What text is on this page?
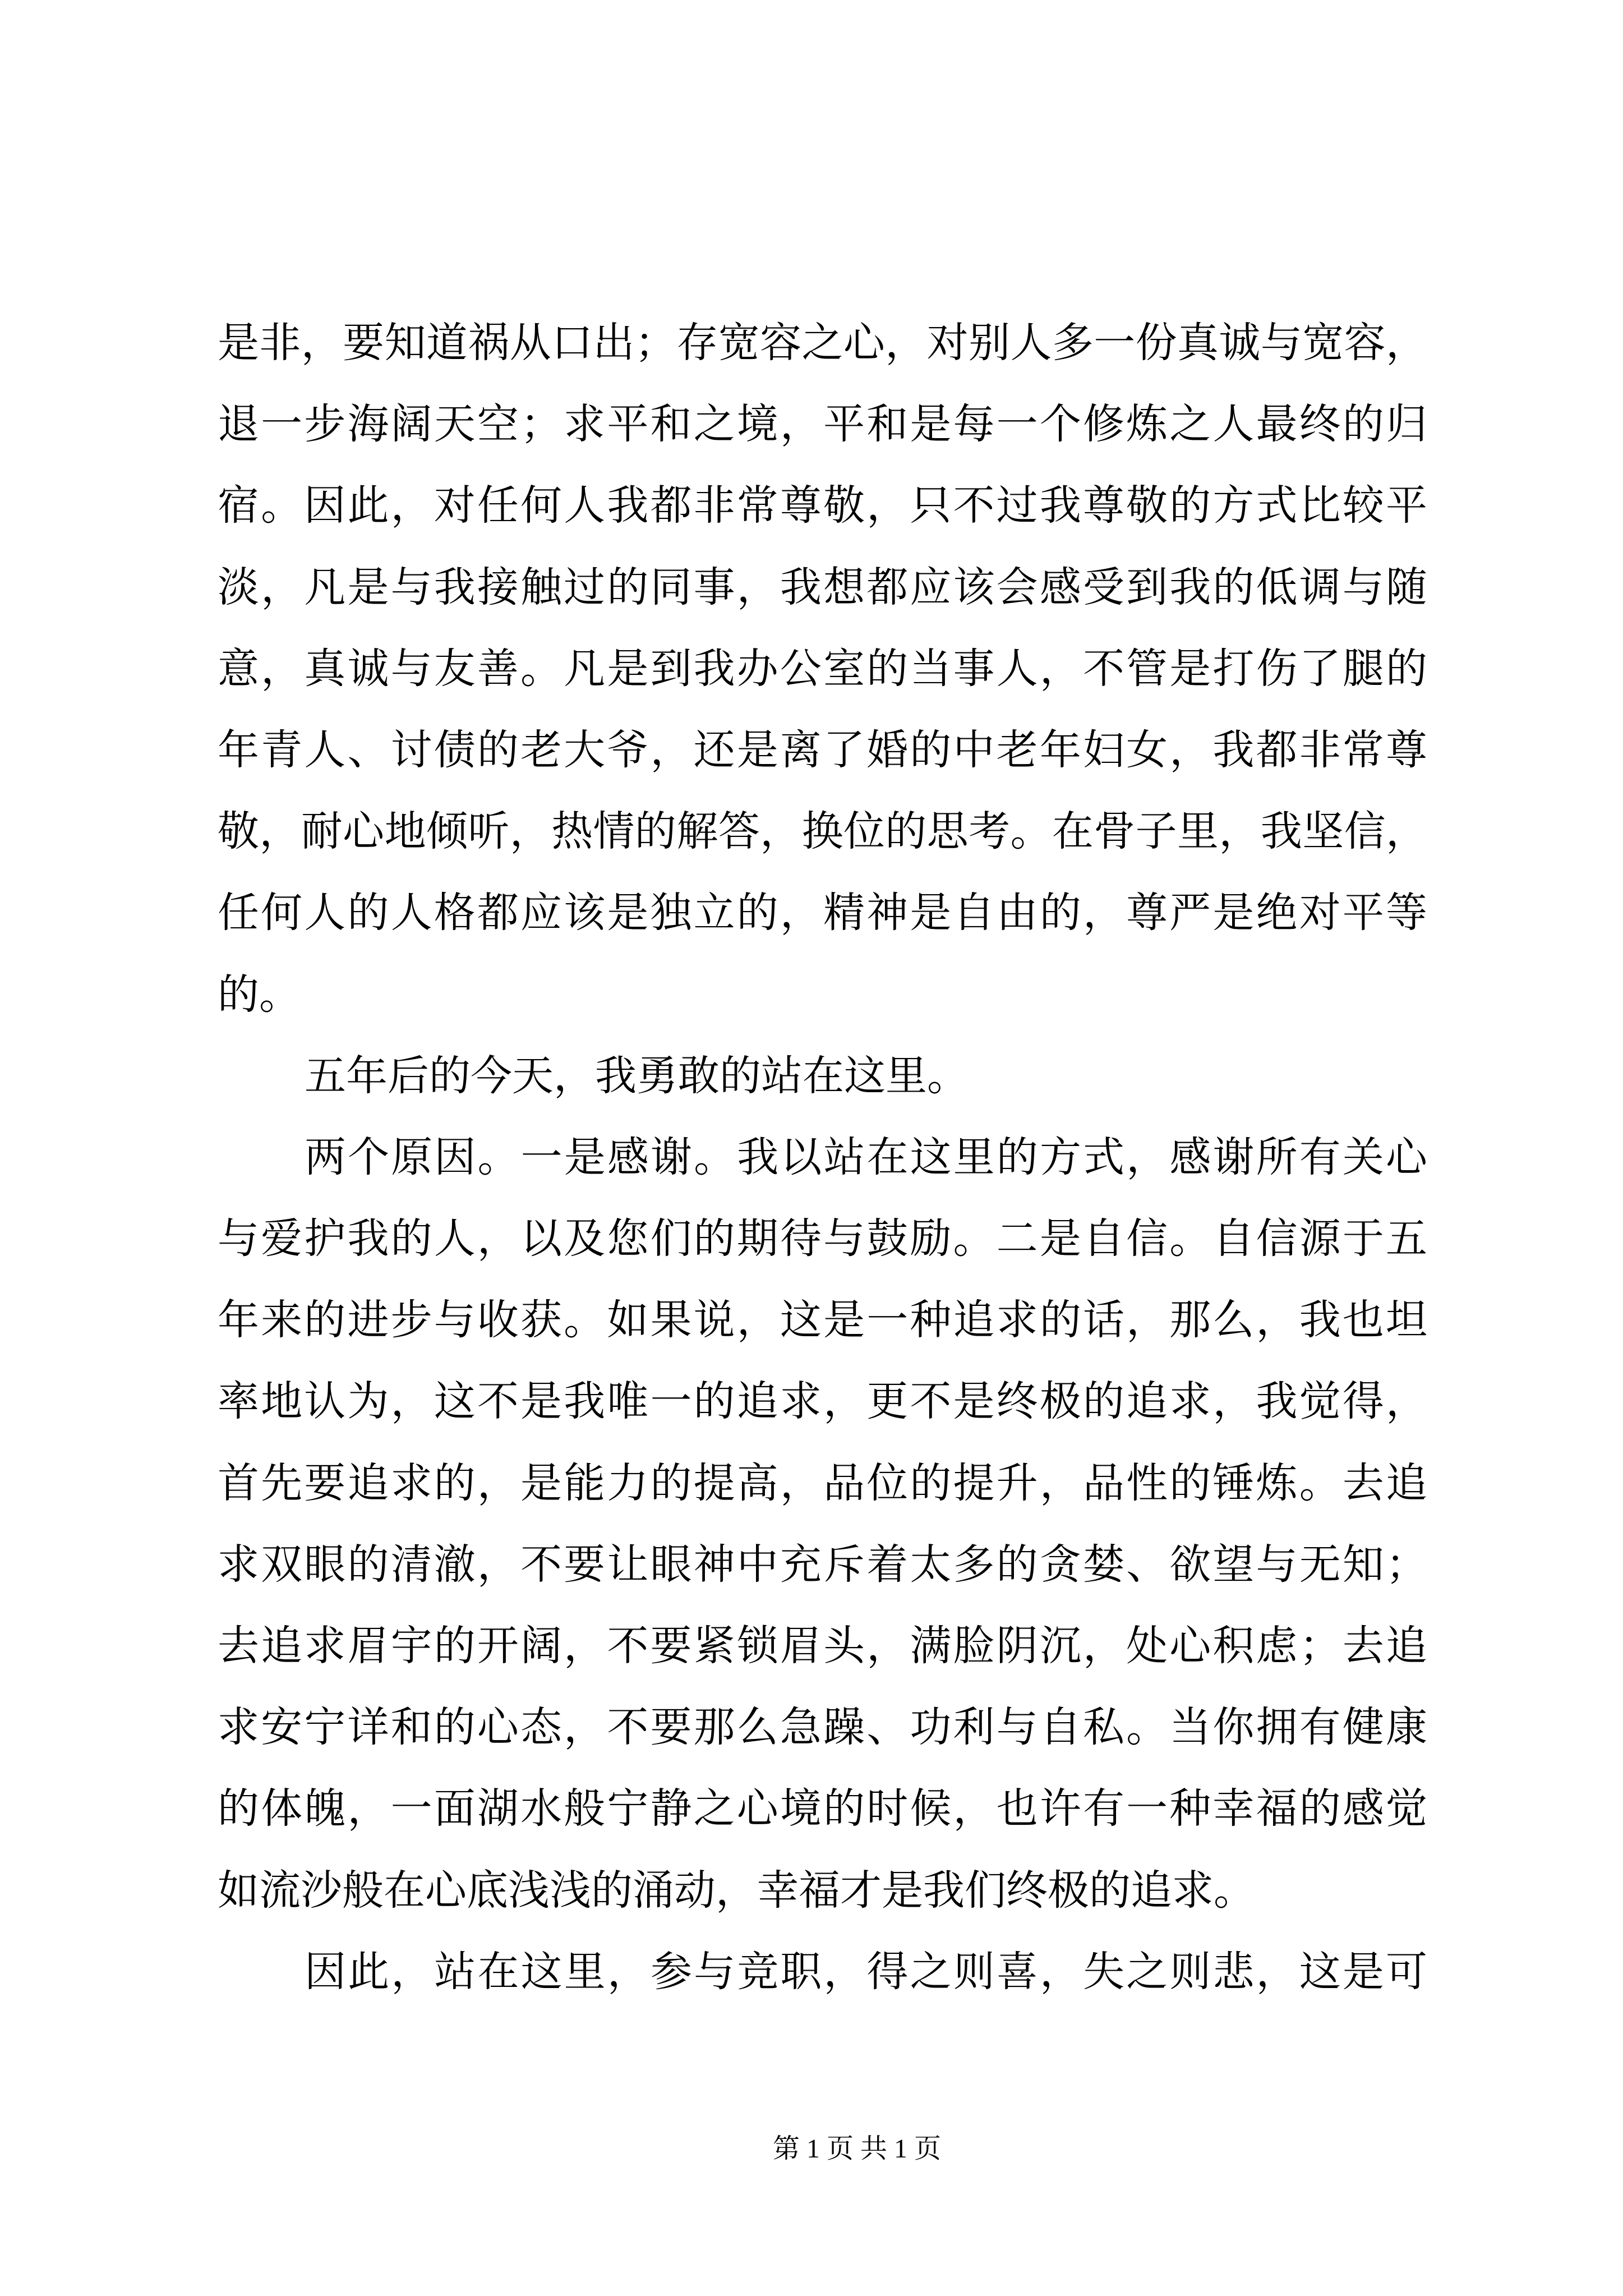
是非，要知道祸从口出；存宽容之心，对别人多一份真诚与宽容，
退一步海阔天空；求平和之境，平和是每一个修炼之人最终的归
宿。因此，对任何人我都非常尊敬，只不过我尊敬的方式比较平
淡，凡是与我接触过的同事，我想都应该会感受到我的低调与随
意，真诚与友善。凡是到我办公室的当事人，不管是打伤了腿的
年青人、讨债的老大爷，还是离了婚的中老年妇女，我都非常尊
敬，耐心地倾听，热情的解答，换位的思考。在骨子里，我坚信，
任何人的人格都应该是独立的，精神是自由的，尊严是绝对平等
的。
五年后的今天，我勇敢的站在这里。
两个原因。一是感谢。我以站在这里的方式，感谢所有关心
与爱护我的人，以及您们的期待与鼓励。二是自信。自信源于五
年来的进步与收获。如果说，这是一种追求的话，那么，我也坦
率地认为，这不是我唯一的追求，更不是终极的追求，我觉得，
首先要追求的，是能力的提高，品位的提升，品性的锤炼。去追
求双眼的清澈，不要让眼神中充斥着太多的贪婪、欲望与无知；
去追求眉宇的开阔，不要紧锁眉头，满脸阴沉，处心积虑；去追
求安宁详和的心态，不要那么急躁、功利与自私。当你拥有健康
的体魄，一面湖水般宁静之心境的时候，也许有一种幸福的感觉
如流沙般在心底浅浅的涌动，幸福才是我们终极的追求。
因此，站在这里，参与竞职，得之则喜，失之则悲，这是可
第 1 页 共 1 页
